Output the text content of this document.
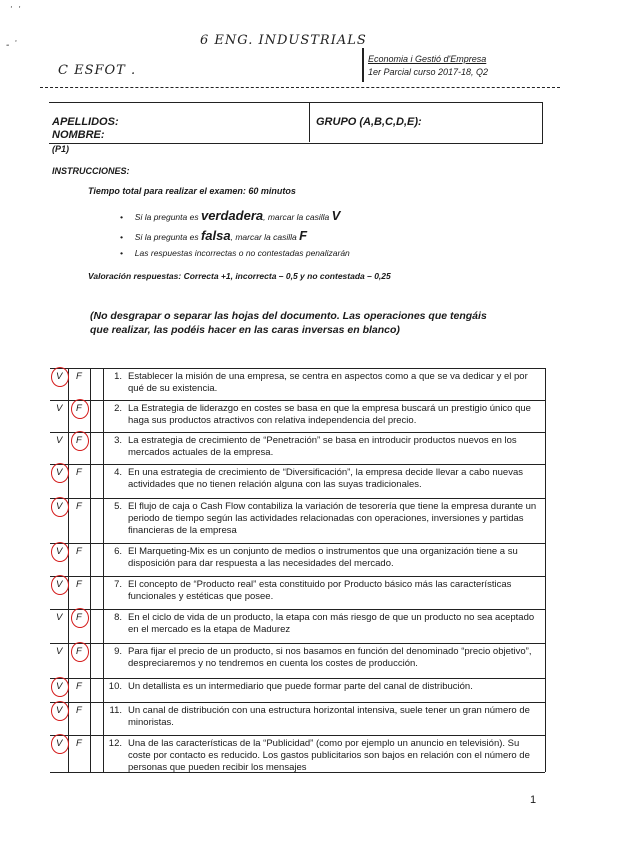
˙ ˙
- ˙	6 ENG. INDUSTRIALS
C ESFOT .
Economia i Gestió d'Empresa
1er Parcial curso 2017-18, Q2
APELLIDOS:
NOMBRE:
GRUPO (A,B,C,D,E):
(P1)
INSTRUCCIONES:
Tiempo total para realizar el examen: 60 minutos
• Si la pregunta es verdadera, marcar la casilla V
• Si la pregunta es falsa, marcar la casilla F
• Las respuestas incorrectas o no contestadas penalizarán
Valoración respuestas: Correcta +1, incorrecta – 0,5 y no contestada – 0,25
(No desgrapar o separar las hojas del documento. Las operaciones que tengáis
que realizar, las podéis hacer en las caras inversas en blanco)
V F	1. Establecer la misión de una empresa, se centra en aspectos como a que se va dedicar y el por qué de su existencia.
V F	2. La Estrategia de liderazgo en costes se basa en que la empresa buscará un prestigio único que haga sus productos atractivos con relativa independencia del precio.
V F	3. La estrategia de crecimiento de “Penetración” se basa en introducir productos nuevos en los mercados actuales de la empresa.
V F	4. En una estrategia de crecimiento de “Diversificación”, la empresa decide llevar a cabo nuevas actividades que no tienen relación alguna con las suyas tradicionales.
V F	5. El flujo de caja o Cash Flow contabiliza la variación de tesorería que tiene la empresa durante un periodo de tiempo según las actividades relacionadas con operaciones, inversiones y partidas financieras de la empresa
V F	6. El Marqueting-Mix es un conjunto de medios o instrumentos que una organización tiene a su disposición para dar respuesta a las necesidades del mercado.
V F	7. El concepto de “Producto real” esta constituido por Producto básico más las características funcionales y estéticas que posee.
V F	8. En el ciclo de vida de un producto, la etapa con más riesgo de que un producto no sea aceptado en el mercado es la etapa de Madurez
V F	9. Para fijar el precio de un producto, si nos basamos en función del denominado “precio objetivo”, despreciaremos y no tendremos en cuenta los costes de producción.
V F	10. Un detallista es un intermediario que puede formar parte del canal de distribución.
V F	11. Un canal de distribución con una estructura horizontal intensiva, suele tener un gran número de minoristas.
V F	12. Una de las características de la “Publicidad” (como por ejemplo un anuncio en televisión). Su coste por contacto es reducido. Los gastos publicitarios son bajos en relación con el número de personas que pueden recibir los mensajes
1
